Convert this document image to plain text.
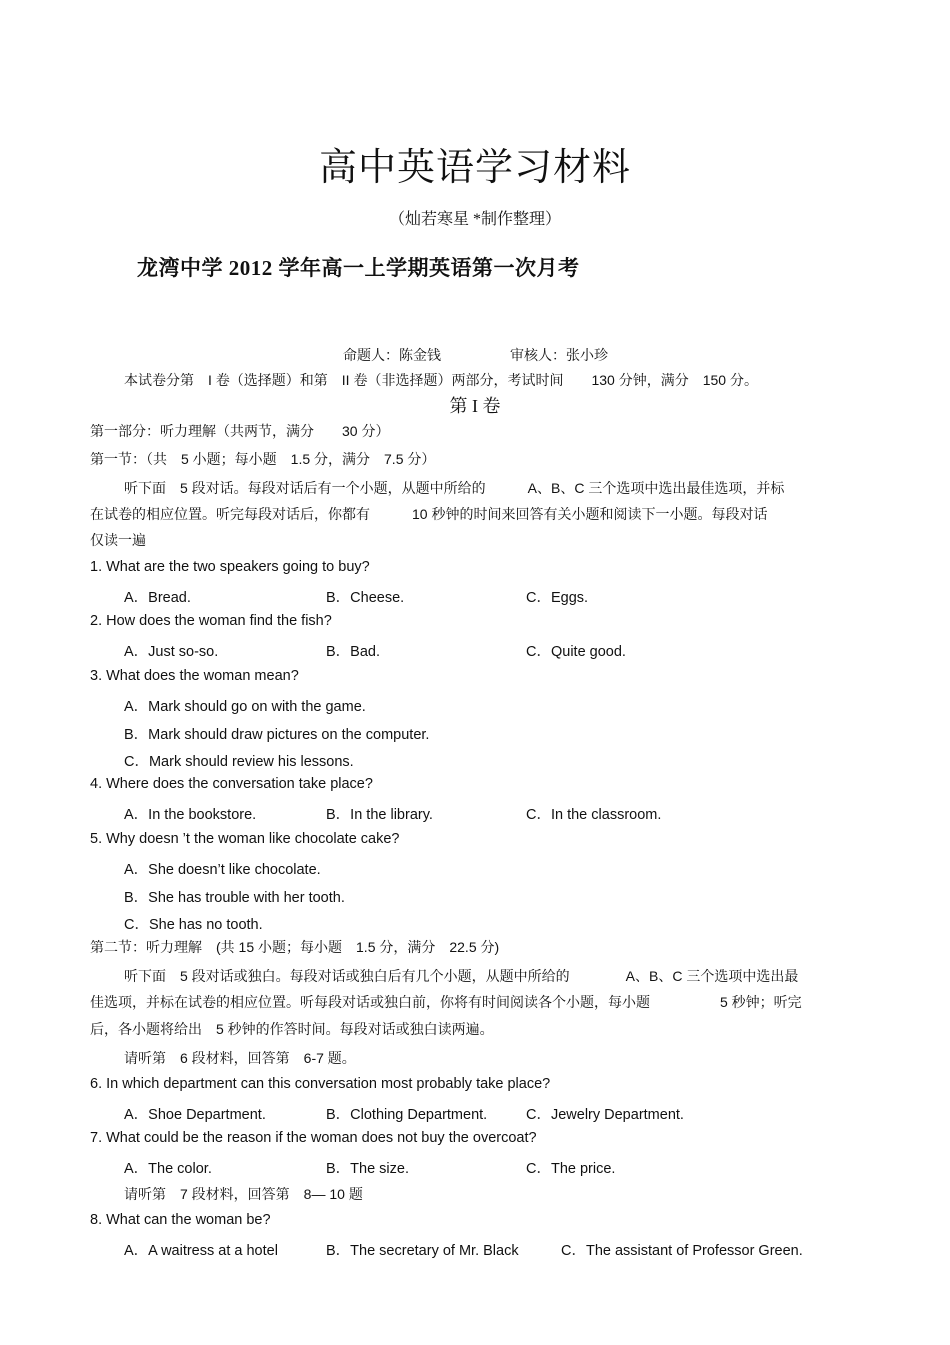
高中英语学习材料
（灿若寒星 *制作整理）
龙湾中学 2012 学年高一上学期英语第一次月考
命题人：陈金钱	审核人：张小珍
本试卷分第　I 卷（选择题）和第　II 卷（非选择题）两部分，考试时间　　130 分钟，满分　150 分。
第 I 卷
第一部分：听力理解（共两节，满分　　30 分）
第一节：（共　5 小题；每小题　1.5 分，满分　7.5 分）
听下面　5 段对话。每段对话后有一个小题，从题中所给的　　　A、B、C 三个选项中选出最佳选项，并标
在试卷的相应位置。听完每段对话后，你都有　　　10 秒钟的时间来回答有关小题和阅读下一小题。每段对话
仅读一遍
1. What are the two speakers going to buy?
A．Bread.	B．Cheese.	C．Eggs.
2. How does the woman find the fish?
A．Just so-so.	B．Bad.	C．Quite good.
3. What does the woman mean?
A．Mark should go on with the game.
B．Mark should draw pictures on the computer.
C．Mark should review his lessons.
4. Where does the conversation take place?
A．In the bookstore.	B．In the library.	C．In the classroom.
5. Why doesn ’t the woman like chocolate cake?
A．She doesn’t like chocolate.
B．She has trouble with her tooth.
C．She has no tooth.
第二节：听力理解　(共 15 小题；每小题　1.5 分，满分　22.5 分)
听下面　5 段对话或独白。每段对话或独白后有几个小题，从题中所给的　　　　A、B、C 三个选项中选出最
佳选项，并标在试卷的相应位置。听每段对话或独白前，你将有时间阅读各个小题，每小题　　　　　5 秒钟；听完
后，各小题将给出　5 秒钟的作答时间。每段对话或独白读两遍。
请听第　6 段材料，回答第　6-7 题。
6. In which department can this conversation most probably take place?
A．Shoe Department.	B．Clothing Department.	C．Jewelry Department.
7. What could be the reason if the woman does not buy the overcoat?
A．The color.	B．The size.	C．The price.
请听第　7 段材料，回答第　8— 10 题
8. What can the woman be?
A．A waitress at a hotel	B．The secretary of Mr. Black	C．The assistant of Professor Green.
